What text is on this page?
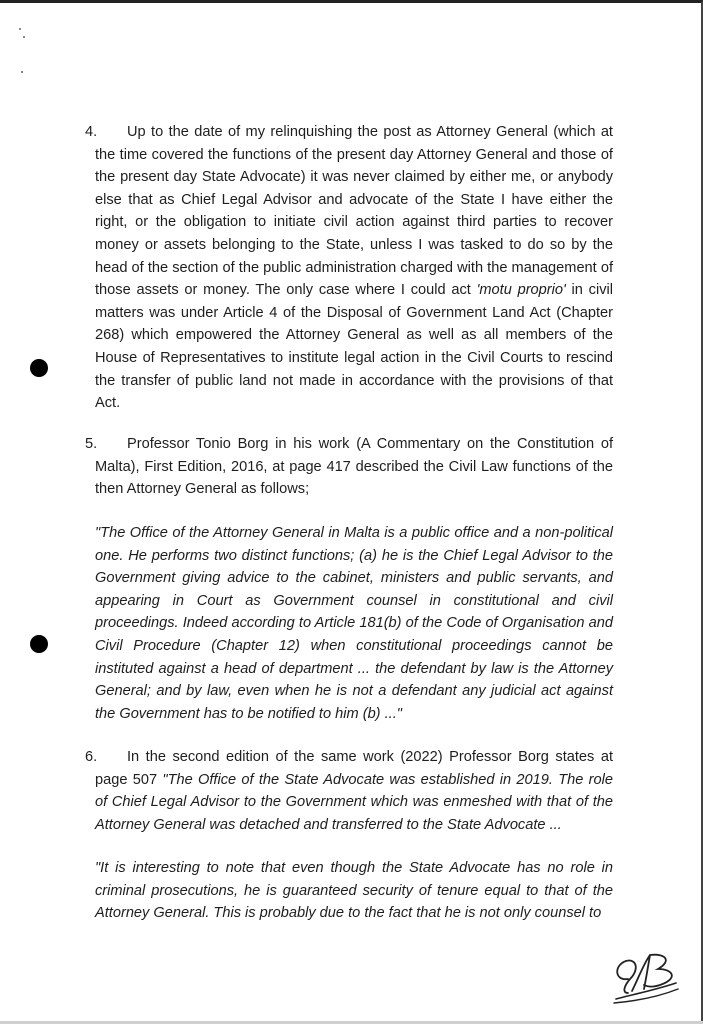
4. Up to the date of my relinquishing the post as Attorney General (which at the time covered the functions of the present day Attorney General and those of the present day State Advocate) it was never claimed by either me, or anybody else that as Chief Legal Advisor and advocate of the State I have either the right, or the obligation to initiate civil action against third parties to recover money or assets belonging to the State, unless I was tasked to do so by the head of the section of the public administration charged with the management of those assets or money. The only case where I could act 'motu proprio' in civil matters was under Article 4 of the Disposal of Government Land Act (Chapter 268) which empowered the Attorney General as well as all members of the House of Representatives to institute legal action in the Civil Courts to rescind the transfer of public land not made in accordance with the provisions of that Act.

5. Professor Tonio Borg in his work (A Commentary on the Constitution of Malta), First Edition, 2016, at page 417 described the Civil Law functions of the then Attorney General as follows;

"The Office of the Attorney General in Malta is a public office and a non-political one. He performs two distinct functions; (a) he is the Chief Legal Advisor to the Government giving advice to the cabinet, ministers and public servants, and appearing in Court as Government counsel in constitutional and civil proceedings. Indeed according to Article 181(b) of the Code of Organisation and Civil Procedure (Chapter 12) when constitutional proceedings cannot be instituted against a head of department ... the defendant by law is the Attorney General; and by law, even when he is not a defendant any judicial act against the Government has to be notified to him (b) ..."

6. In the second edition of the same work (2022) Professor Borg states at page 507 "The Office of the State Advocate was established in 2019. The role of Chief Legal Advisor to the Government which was enmeshed with that of the Attorney General was detached and transferred to the State Advocate ...

"It is interesting to note that even though the State Advocate has no role in criminal prosecutions, he is guaranteed security of tenure equal to that of the Attorney General. This is probably due to the fact that he is not only counsel to
